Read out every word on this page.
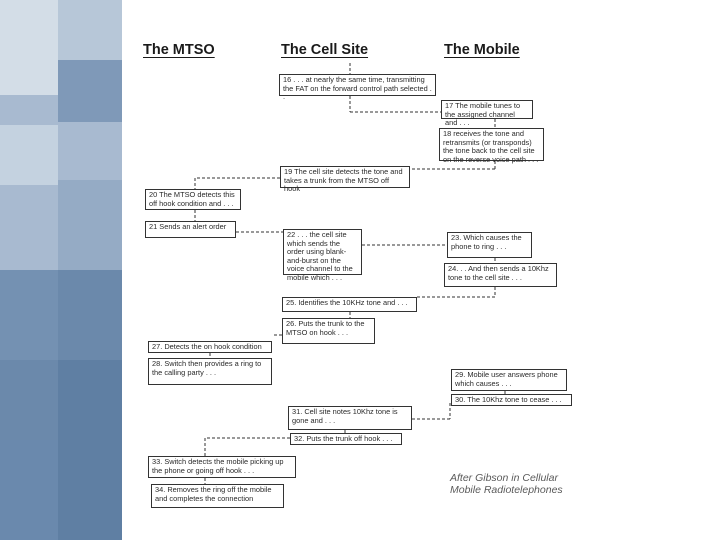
The MTSO	The Cell Site	The Mobile
16 . . . at nearly the same time, transmitting the FAT on the forward control path selected . .
17 The mobile tunes to the assigned channel and . . .
18 receives the tone and retransmits (or transponds) the tone back to the cell site on the reverse voice path . . .
19 The cell site detects the tone and takes a trunk from the MTSO off hook
20 The MTSO detects this off hook condition and . . .
21 Sends an alert order
22 . . . the cell site which sends the order using blank-and-burst on the voice channel to the mobile which . . .
23. Which causes the phone to ring . . .
24. . . And then sends a 10Khz tone to the cell site . . .
25. Identifies the 10KHz tone and . . .
26. Puts the trunk to the MTSO on hook . . .
27. Detects the on hook condition
28. Switch then provides a ring to the calling party . . .	29. Mobile user answers phone which causes . . .
30. The 10Khz tone to cease . . .
31. Cell site notes 10Khz tone is gone and . . .
32. Puts the trunk off hook . . .
33. Switch detects the mobile picking up the phone or going off hook . . .
34. Removes the ring off the mobile and completes the connection
After Gibson in Cellular
Mobile Radiotelephones
